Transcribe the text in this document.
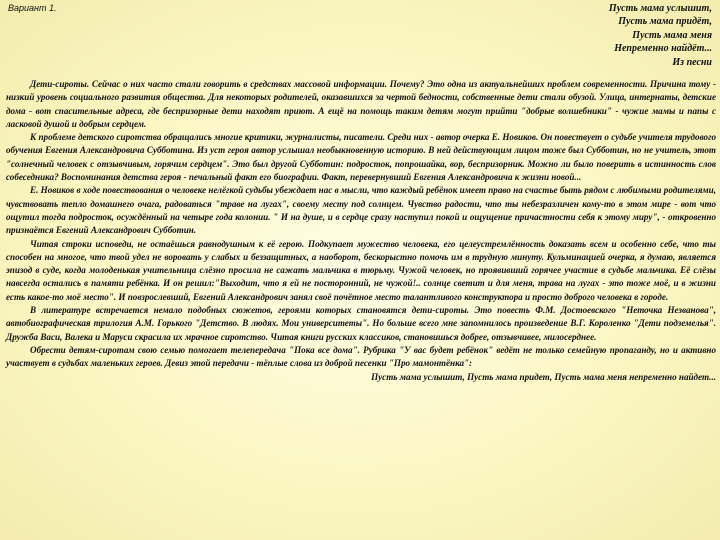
Вариант 1.	Пусть мама услышит,
Пусть мама придёт,
Пусть мама меня
Непременно найдёт...
Из песни

Дети-сироты. Сейчас о них часто стали говорить в средствах массовой информации. Почему? Это одна из актуальнейших проблем современности. Причина тому - низкий уровень социального развития общества. Для некоторых родителей, оказавшихся за чертой бедности, собственные дети стали обузой. Улица, интернаты, детские дома - вот спасительные адреса, где беспризорные дети находят приют. А ещё на помощь таким детям могут прийти "добрые волшебники" - чужие мамы и папы с ласковой душой и добрым сердцем.

К проблеме детского сиротства обращались многие критики, журналисты, писатели. Среди них - автор очерка Е. Новиков. Он повествует о судьбе учителя трудового обучения Евгения Александровича Субботина. Из уст героя автор услышал необыкновенную историю. В ней действующим лицом тоже был Субботин, но не учитель, этот "солнечный человек с отзывчивым, горячим сердцем". Это был другой Субботин: подросток, попрошайка, вор, беспризорник. Можно ли было поверить в истинность слов собеседника? Воспоминания детства героя - печальный факт его биографии. Факт, перевернувший Евгения Александровича к жизни новой...

Е. Новиков в ходе повествования о человеке нелёгкой судьбы убеждает нас в мысли, что каждый ребёнок имеет право на счастье быть рядом с любимыми родителями, чувствовать тепло домашнего очага, радоваться "траве на лугах", своему месту под солнцем. Чувство радости, что ты небезразличен кому-то в этом мире - вот что ощутил тогда подросток, осуждённый на четыре года колонии. " И на душе, и в сердце сразу наступил покой и ощущение причастности себя к этому миру", - откровенно признаётся Евгений Александрович Субботин.

Читая строки исповеди, не остаёшься равнодушным к её герою. Подкупает мужество человека, его целеустремлённость доказать всем и особенно себе, что ты способен на многое, что твой удел не воровать у слабых и беззащитных, а наоборот, бескорыстно помочь им в трудную минуту. Кульминацией очерка, я думаю, является эпизод в суде, когда молоденькая учительница слёзно просила не сажать мальчика в тюрьму. Чужой человек, но проявивший горячее участие в судьбе мальчика. Её слёзы навсегда остались в памяти ребёнка. И он решил:"Выходит, что я ей не посторонний, не чужой!.. солнце светит и для меня, трава на лугах - это тоже моё, и в жизни есть какое-то моё место". И повзрослевший, Евгений Александрович занял своё почётное место талантливого конструктора и просто доброго человека в городе.

В литературе встречается немало подобных сюжетов, героями которых становятся дети-сироты. Это повесть Ф.М. Достоевского "Неточка Незванова", автобиографическая трилогия А.М. Горького "Детство. В людях. Мои университеты". Но больше всего мне запомнилось произведение В.Г. Короленко "Дети подземелья". Дружба Васи, Валека и Маруси скрасила их мрачное сиротство. Читая книги русских классиков, становишься добрее, отзывчивее, милосерднее.

Обрести детям-сиротам свою семью помогает телепередача "Пока все дома". Рубрика "У вас будет ребёнок" ведёт не только семейную пропаганду, но и активно участвует в судьбах маленьких героев. Девиз этой передачи - тёплые слова из доброй песенки "Про мамонтёнка":

Пусть мама услышит, Пусть мама придет, Пусть мама меня непременно найдет...
